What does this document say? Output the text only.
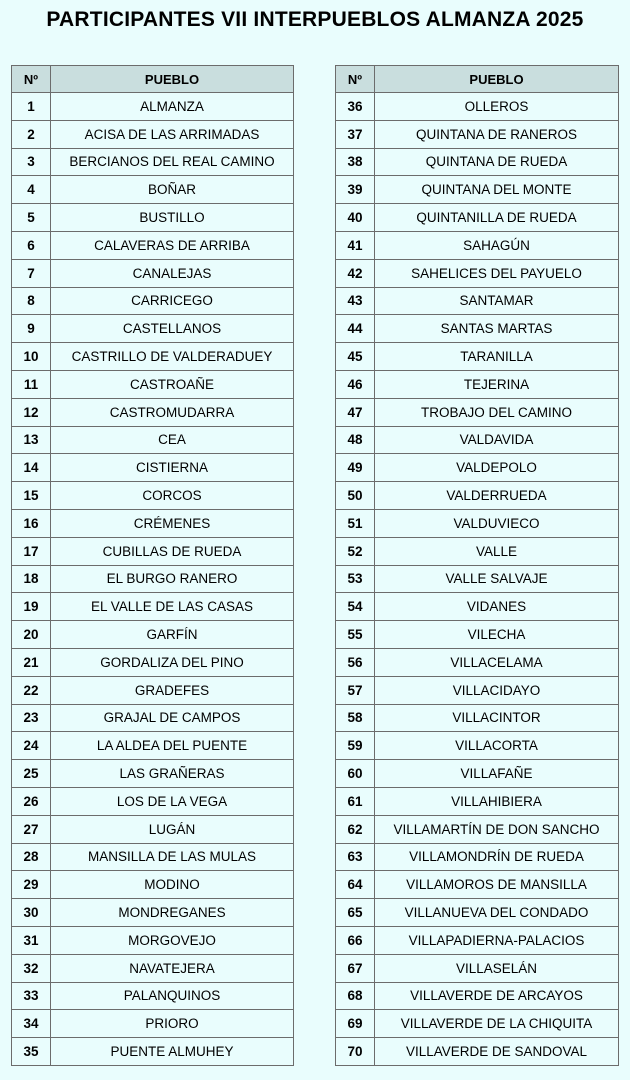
PARTICIPANTES VII INTERPUEBLOS ALMANZA 2025
Nº	PUEBLO
1	ALMANZA
2	ACISA DE LAS ARRIMADAS
3	BERCIANOS DEL REAL CAMINO
4	BOÑAR
5	BUSTILLO
6	CALAVERAS DE ARRIBA
7	CANALEJAS
8	CARRICEGO
9	CASTELLANOS
10	CASTRILLO DE VALDERADUEY
11	CASTROAÑE
12	CASTROMUDARRA
13	CEA
14	CISTIERNA
15	CORCOS
16	CRÉMENES
17	CUBILLAS DE RUEDA
18	EL BURGO RANERO
19	EL VALLE DE LAS CASAS
20	GARFÍN
21	GORDALIZA DEL PINO
22	GRADEFES
23	GRAJAL DE CAMPOS
24	LA ALDEA DEL PUENTE
25	LAS GRAÑERAS
26	LOS DE LA VEGA
27	LUGÁN
28	MANSILLA DE LAS MULAS
29	MODINO
30	MONDREGANES
31	MORGOVEJO
32	NAVATEJERA
33	PALANQUINOS
34	PRIORO
35	PUENTE ALMUHEY
Nº	PUEBLO
36	OLLEROS
37	QUINTANA DE RANEROS
38	QUINTANA DE RUEDA
39	QUINTANA DEL MONTE
40	QUINTANILLA DE RUEDA
41	SAHAGÚN
42	SAHELICES DEL PAYUELO
43	SANTAMAR
44	SANTAS MARTAS
45	TARANILLA
46	TEJERINA
47	TROBAJO DEL CAMINO
48	VALDAVIDA
49	VALDEPOLO
50	VALDERRUEDA
51	VALDUVIECO
52	VALLE
53	VALLE SALVAJE
54	VIDANES
55	VILECHA
56	VILLACELAMA
57	VILLACIDAYO
58	VILLACINTOR
59	VILLACORTA
60	VILLAFAÑE
61	VILLAHIBIERA
62	VILLAMARTÍN DE DON SANCHO
63	VILLAMONDRÍN DE RUEDA
64	VILLAMOROS DE MANSILLA
65	VILLANUEVA DEL CONDADO
66	VILLAPADIERNA-PALACIOS
67	VILLASELÁN
68	VILLAVERDE DE ARCAYOS
69	VILLAVERDE DE LA CHIQUITA
70	VILLAVERDE DE SANDOVAL
